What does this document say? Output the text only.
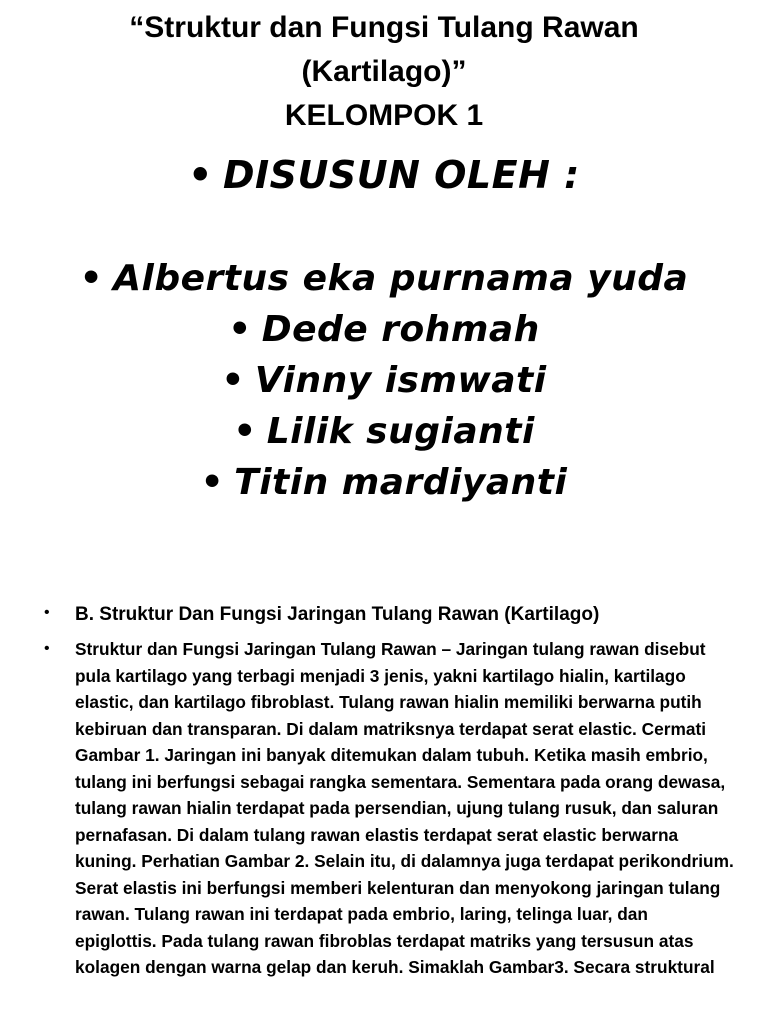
“Struktur dan Fungsi Tulang Rawan

(Kartilago)”

KELOMPOK 1

• DISUSUN OLEH :

• Albertus eka purnama yuda

• Dede rohmah

• Vinny ismwati

• Lilik sugianti

• Titin mardiyanti

• B. Struktur Dan Fungsi Jaringan Tulang Rawan (Kartilago)
• Struktur dan Fungsi Jaringan Tulang Rawan – Jaringan tulang rawan disebut pula kartilago yang terbagi menjadi 3 jenis, yakni kartilago hialin, kartilago elastic, dan kartilago fibroblast. Tulang rawan hialin memiliki berwarna putih kebiruan dan transparan. Di dalam matriksnya terdapat serat elastic. Cermati Gambar 1. Jaringan ini banyak ditemukan dalam tubuh. Ketika masih embrio, tulang ini berfungsi sebagai rangka sementara. Sementara pada orang dewasa, tulang rawan hialin terdapat pada persendian, ujung tulang rusuk, dan saluran pernafasan. Di dalam tulang rawan elastis terdapat serat elastic berwarna kuning. Perhatian Gambar 2. Selain itu, di dalamnya juga terdapat perikondrium. Serat elastis ini berfungsi memberi kelenturan dan menyokong jaringan tulang rawan. Tulang rawan ini terdapat pada embrio, laring, telinga luar, dan epiglottis. Pada tulang rawan fibroblas terdapat matriks yang tersusun atas kolagen dengan warna gelap dan keruh. Simaklah Gambar3. Secara struktural
